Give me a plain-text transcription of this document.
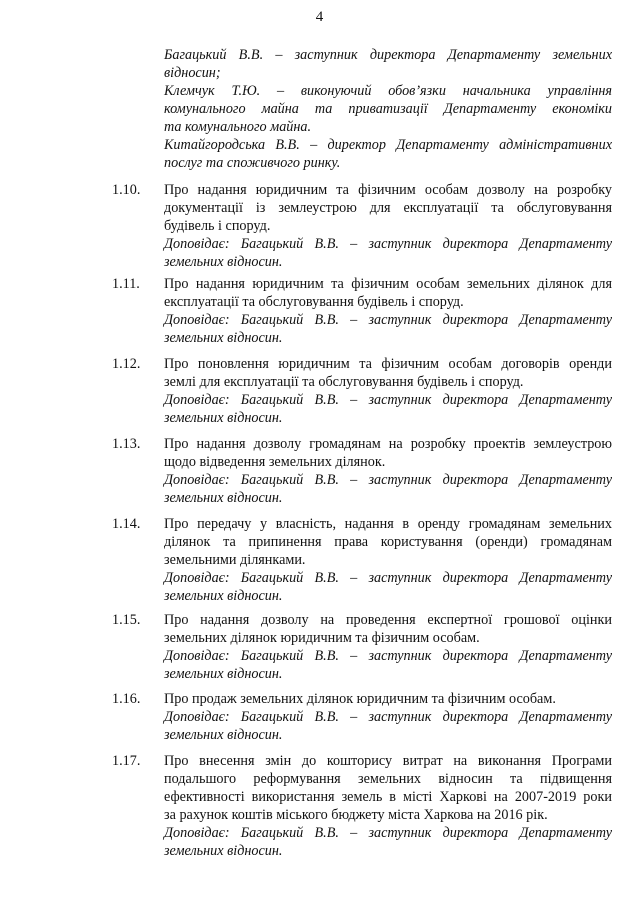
4

Багацький В.В. – заступник директора Департаменту земельних
відносин;

Клемчук Т.Ю. – виконуючий обов’язки начальника управління
комунального майна та приватизації Департаменту економіки
та комунального майна.

Китайгородська В.В. – директор Департаменту адміністративних
послуг та споживчого ринку.

1.10. Про надання юридичним та фізичним особам дозволу на розробку
документації із землеустрою для експлуатації та обслуговування
будівель і споруд.

Доповідає: Багацький В.В. – заступник директора Департаменту
земельних відносин.

1.11. Про надання юридичним та фізичним особам земельних ділянок для
експлуатації та обслуговування будівель і споруд.

Доповідає: Багацький В.В. – заступник директора Департаменту
земельних відносин.

1.12. Про поновлення юридичним та фізичним особам договорів оренди
землі для експлуатації та обслуговування будівель і споруд.

Доповідає: Багацький В.В. – заступник директора Департаменту
земельних відносин.

1.13. Про надання дозволу громадянам на розробку проектів землеустрою
щодо відведення земельних ділянок.

Доповідає: Багацький В.В. – заступник директора Департаменту
земельних відносин.

1.14. Про передачу у власність, надання в оренду громадянам земельних
ділянок та припинення права користування (оренди) громадянам
земельними ділянками.

Доповідає: Багацький В.В. – заступник директора Департаменту
земельних відносин.

1.15. Про надання дозволу на проведення експертної грошової оцінки
земельних ділянок юридичним та фізичним особам.

Доповідає: Багацький В.В. – заступник директора Департаменту
земельних відносин.

1.16. Про продаж земельних ділянок юридичним та фізичним особам.

Доповідає: Багацький В.В. – заступник директора Департаменту
земельних відносин.

1.17. Про внесення змін до кошторису витрат на виконання Програми
подальшого реформування земельних відносин та підвищення
ефективності використання земель в місті Харкові на 2007-2019 роки
за рахунок коштів міського бюджету міста Харкова на 2016 рік.

Доповідає: Багацький В.В. – заступник директора Департаменту
земельних відносин.
